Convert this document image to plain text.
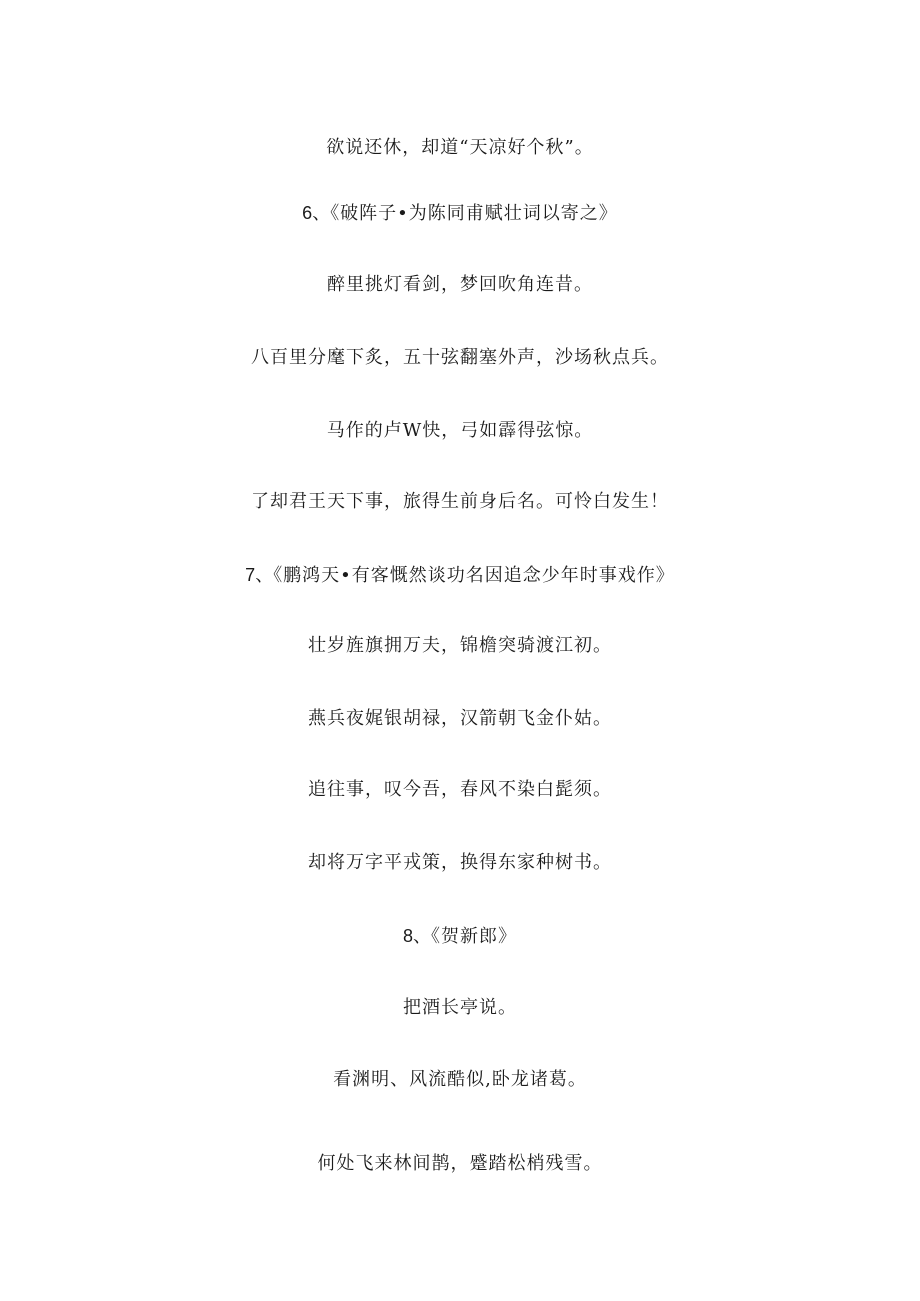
欲说还休，却道“天凉好个秋”。
6、《破阵子•为陈同甫赋壮词以寄之》
醉里挑灯看剑，梦回吹角连昔。
八百里分麾下炙，五十弦翻塞外声，沙场秋点兵。
马作的卢W快，弓如霹得弦惊。
了却君王天下事，旅得生前身后名。可怜白发生！
7、《鹏鸿天•有客慨然谈功名因追念少年时事戏作》
壮岁旌旗拥万夫，锦檐突骑渡江初。
燕兵夜娓银胡禄，汉箭朝飞金仆姑。
追往事，叹今吾，春风不染白髭须。
却将万字平戎策，换得东家种树书。
8、《贺新郎》
把酒长亭说。
看渊明、风流酷似,卧龙诸葛。
何处飞来林间鹊，蹙踏松梢残雪。
